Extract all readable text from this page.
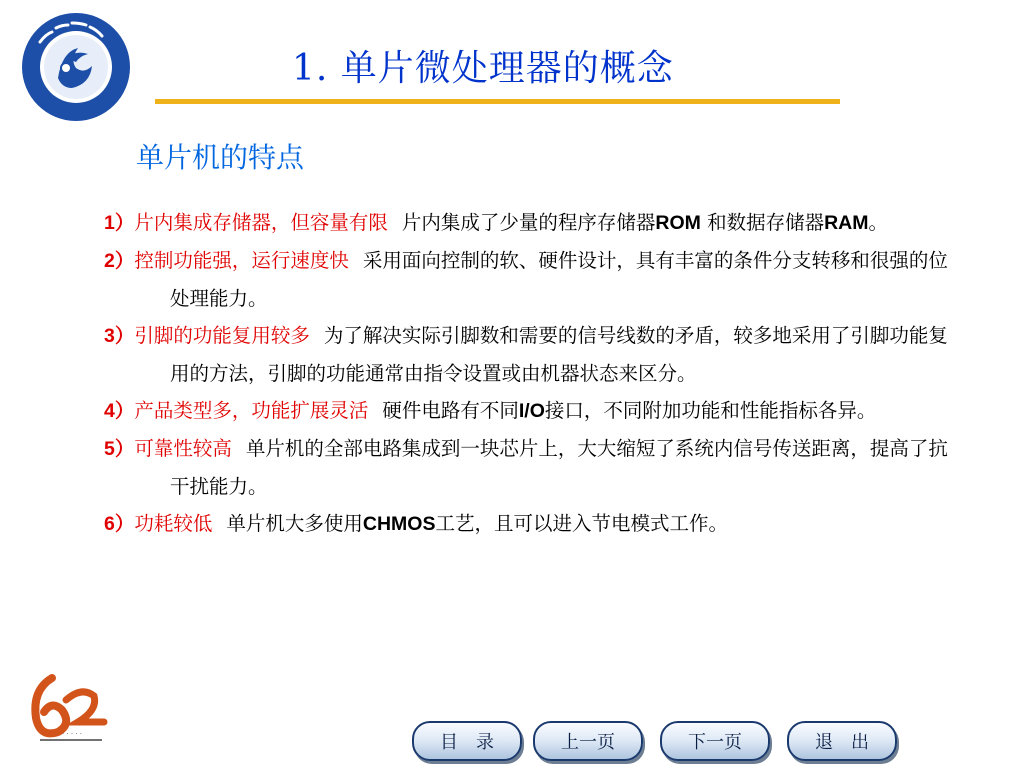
1. 单片微处理器的概念
单片机的特点
1）片内集成存储器，但容量有限 片内集成了少量的程序存储器ROM 和数据存储器RAM。
2）控制功能强，运行速度快 采用面向控制的软、硬件设计，具有丰富的条件分支转移和很强的位处理能力。
3）引脚的功能复用较多 为了解决实际引脚数和需要的信号线数的矛盾，较多地采用了引脚功能复用的方法，引脚的功能通常由指令设置或由机器状态来区分。
4）产品类型多，功能扩展灵活 硬件电路有不同I/O接口，不同附加功能和性能指标各异。
5）可靠性较高 单片机的全部电路集成到一块芯片上，大大缩短了系统内信号传送距离，提高了抗干扰能力。
6）功耗较低 单片机大多使用CHMOS工艺，且可以进入节电模式工作。
· · · · ·	目　录	上一页	下一页	退　出
